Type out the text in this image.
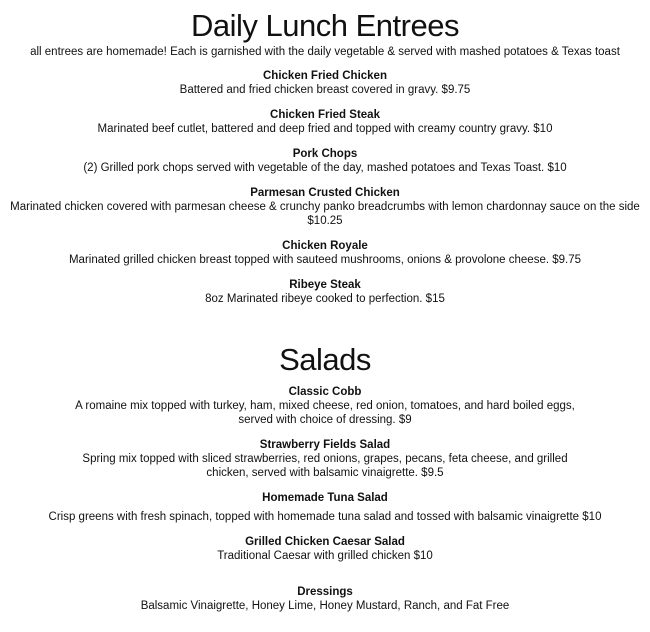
Daily Lunch Entrees

all entrees are homemade! Each is garnished with the daily vegetable & served with mashed potatoes & Texas toast

Chicken Fried Chicken
Battered and fried chicken breast covered in gravy. $9.75
Chicken Fried Steak
Marinated beef cutlet, battered and deep fried and topped with creamy country gravy. $10
Pork Chops
(2) Grilled pork chops served with vegetable of the day, mashed potatoes and Texas Toast. $10
Parmesan Crusted Chicken
Marinated chicken covered with parmesan cheese & crunchy panko breadcrumbs with lemon chardonnay sauce on the side $10.25
Chicken Royale
Marinated grilled chicken breast topped with sauteed mushrooms, onions & provolone cheese. $9.75
Ribeye Steak
8oz Marinated ribeye cooked to perfection. $15
Salads
Classic Cobb
A romaine mix topped with turkey, ham, mixed cheese, red onion, tomatoes, and hard boiled eggs, served with choice of dressing. $9
Strawberry Fields Salad
Spring mix topped with sliced strawberries, red onions, grapes, pecans, feta cheese, and grilled chicken, served with balsamic vinaigrette. $9.5
Homemade Tuna Salad
Crisp greens with fresh spinach, topped with homemade tuna salad and tossed with balsamic vinaigrette $10
Grilled Chicken Caesar Salad
Traditional Caesar with grilled chicken $10
Dressings
Balsamic Vinaigrette, Honey Lime, Honey Mustard, Ranch, and Fat Free
